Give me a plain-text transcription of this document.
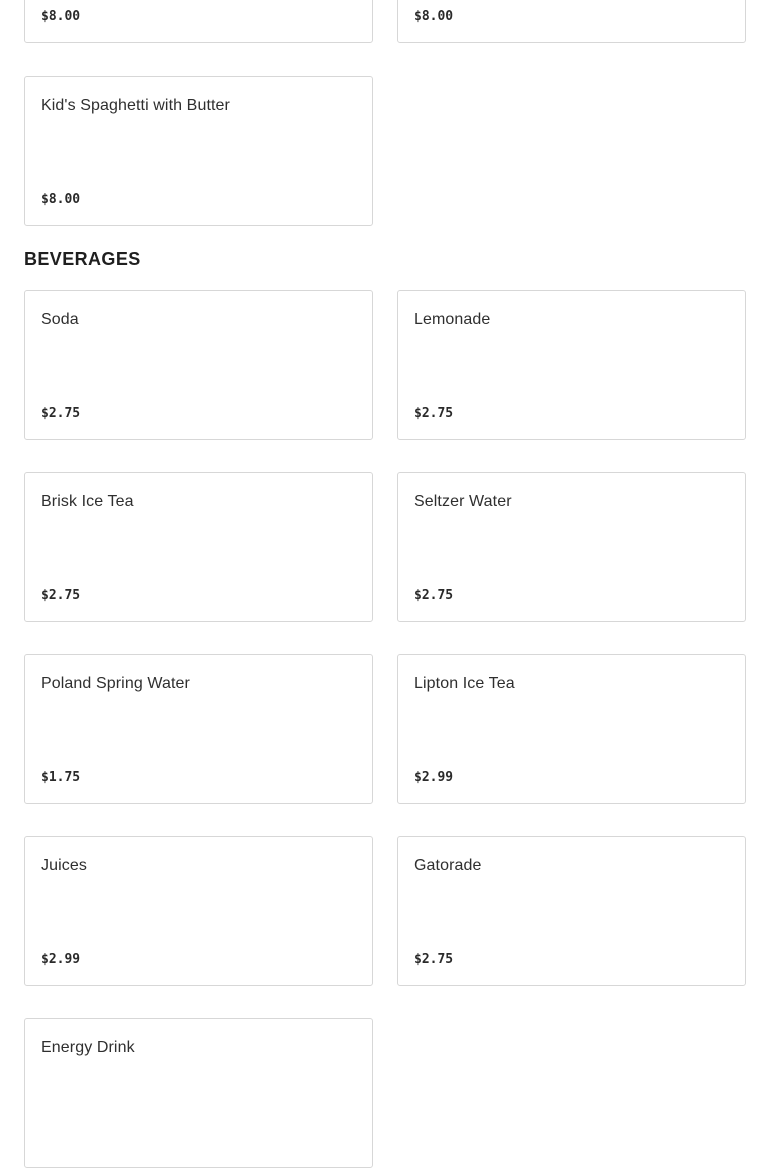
$8.00	$8.00
Kid's Spaghetti with Butter
$8.00
BEVERAGES
Soda
$2.75
Lemonade
$2.75
Brisk Ice Tea
$2.75
Seltzer Water
$2.75
Poland Spring Water
$1.75
Lipton Ice Tea
$2.99
Juices
$2.99
Gatorade
$2.75
Energy Drink
